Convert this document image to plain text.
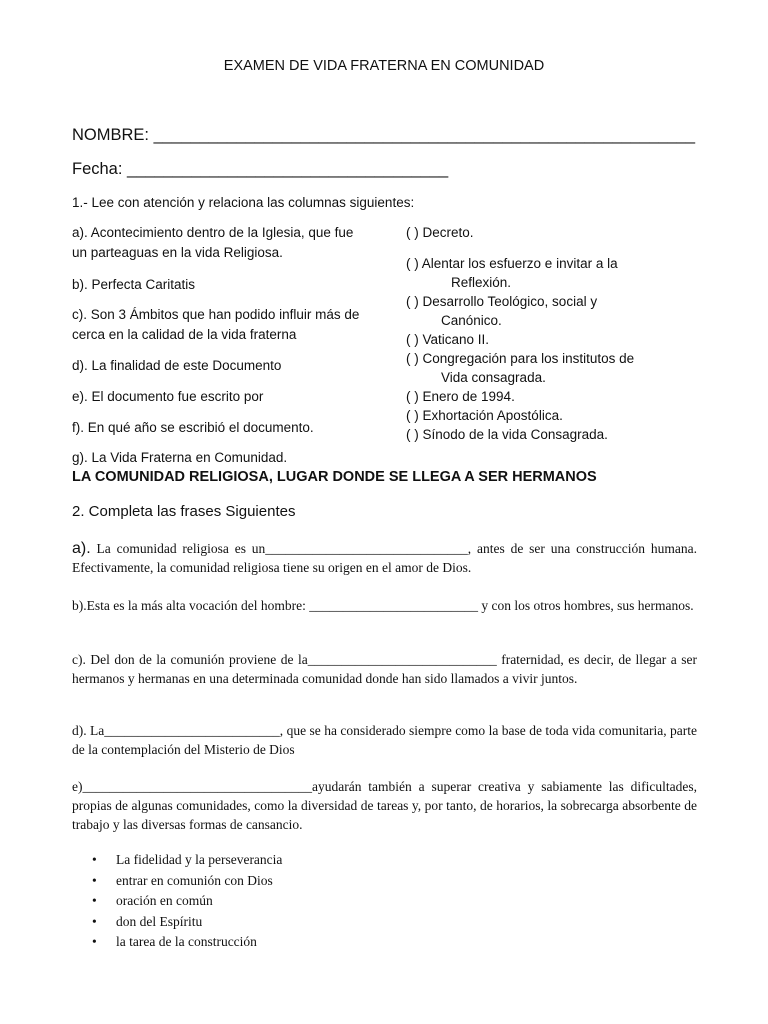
EXAMEN DE VIDA FRATERNA EN COMUNIDAD
NOMBRE: ___________________________________________________________
Fecha: ___________________________________
1.- Lee con atención y relaciona las columnas siguientes:
a). Acontecimiento dentro de la Iglesia, que fue un parteaguas en la vida Religiosa.
b). Perfecta Caritatis
c). Son 3 Ámbitos que han podido influir más de cerca en la calidad de la vida fraterna
d). La finalidad de este Documento
e). El documento fue escrito por
f). En qué año se escribió el documento.
g). La Vida Fraterna en Comunidad.
( ) Decreto.
( ) Alentar los esfuerzo e invitar a la
Reflexión.
( ) Desarrollo Teológico, social y
Canónico.
( ) Vaticano II.
( ) Congregación para los institutos de
Vida consagrada.
( ) Enero de 1994.
( ) Exhortación Apostólica.
( ) Sínodo de la vida Consagrada.
LA COMUNIDAD RELIGIOSA, LUGAR DONDE SE LLEGA A SER HERMANOS
2. Completa las frases Siguientes
a). La comunidad religiosa es un______________________________, antes de ser una construcción humana. Efectivamente, la comunidad religiosa tiene su origen en el amor de Dios.
b).Esta es la más alta vocación del hombre: _________________________ y con los otros hombres, sus hermanos.
c). Del don de la comunión proviene de la____________________________ fraternidad, es decir, de llegar a ser hermanos y hermanas en una determinada comunidad donde han sido llamados a vivir juntos.
d). La__________________________, que se ha considerado siempre como la base de toda vida comunitaria, parte de la contemplación del Misterio de Dios
e)__________________________________ayudarán también a superar creativa y sabiamente las dificultades, propias de algunas comunidades, como la diversidad de tareas y, por tanto, de horarios, la sobrecarga absorbente de trabajo y las diversas formas de cansancio.
• La fidelidad y la perseverancia
• entrar en comunión con Dios
• oración en común
• don del Espíritu
• la tarea de la construcción
